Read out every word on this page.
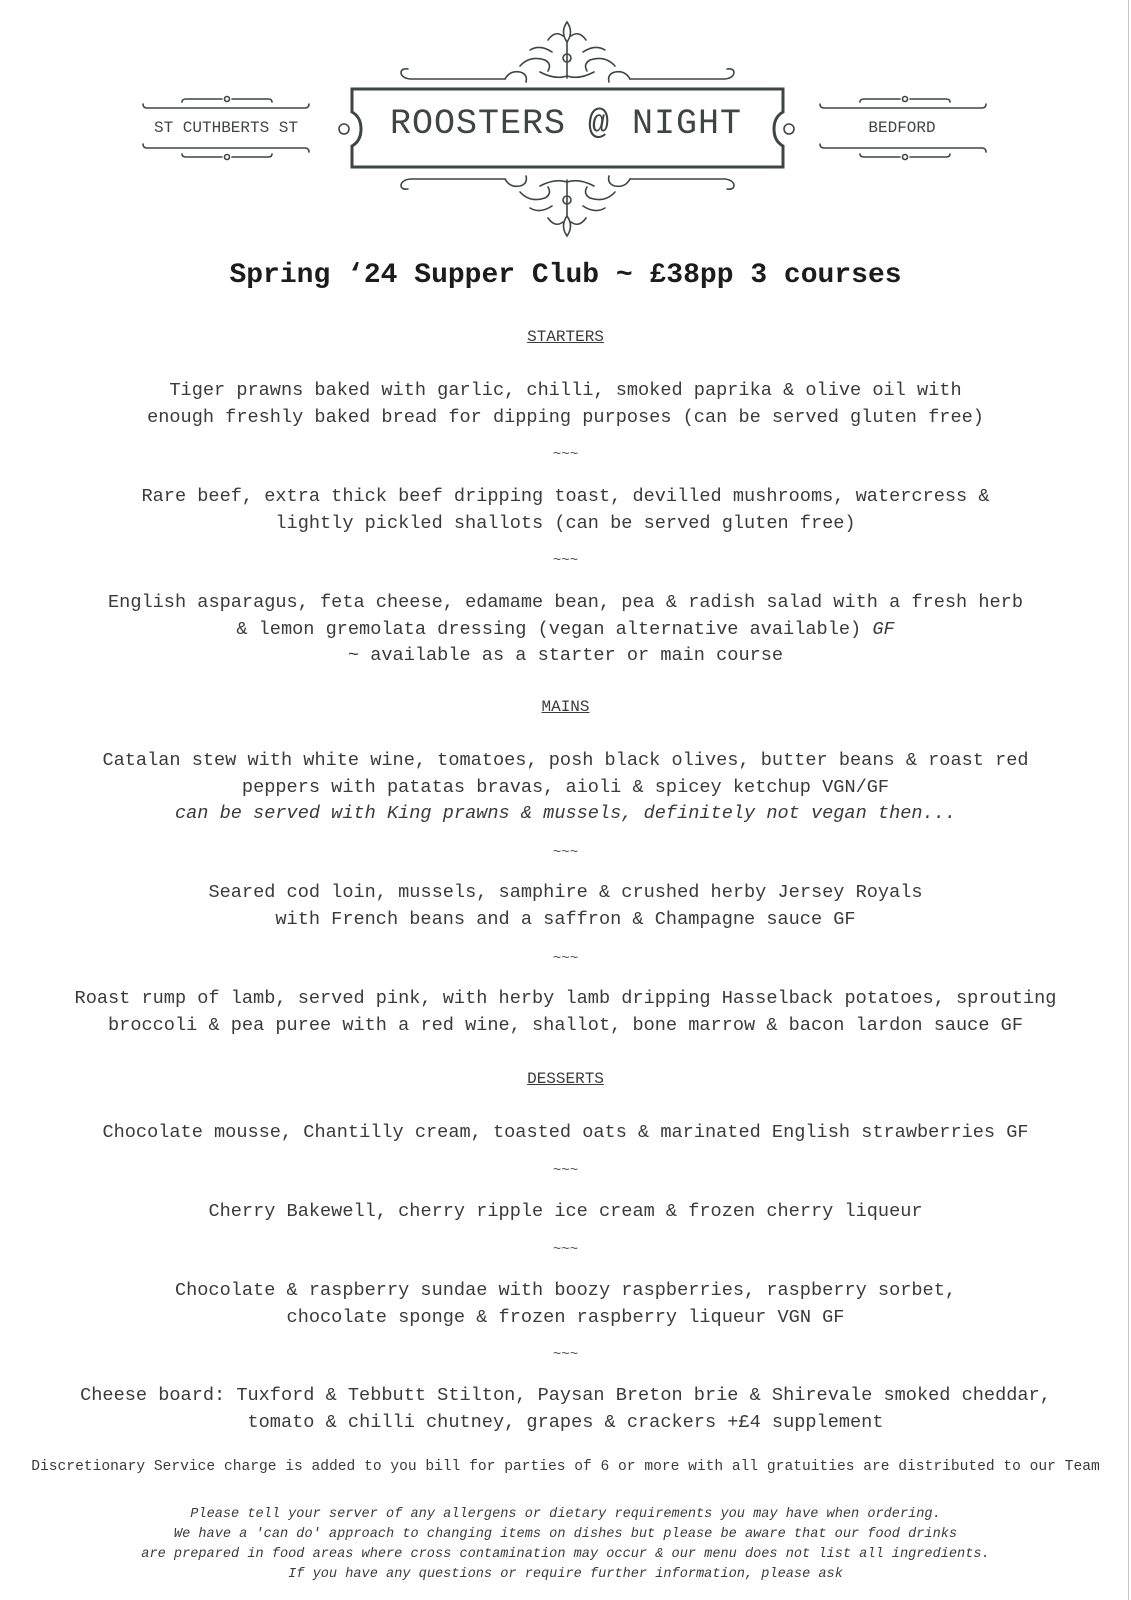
ST CUTHBERTS ST	ROOSTERS @ NIGHT	BEDFORD
Spring ‘24 Supper Club ~ £38pp 3 courses
STARTERS

Tiger prawns baked with garlic, chilli, smoked paprika & olive oil with

enough freshly baked bread for dipping purposes (can be served gluten free)

~~~

Rare beef, extra thick beef dripping toast, devilled mushrooms, watercress &

lightly pickled shallots (can be served gluten free)

~~~

English asparagus, feta cheese, edamame bean, pea & radish salad with a fresh herb

& lemon gremolata dressing (vegan alternative available) GF

~ available as a starter or main course

MAINS

Catalan stew with white wine, tomatoes, posh black olives, butter beans & roast red

peppers with patatas bravas, aioli & spicey ketchup VGN/GF

can be served with King prawns & mussels, definitely not vegan then...

~~~

Seared cod loin, mussels, samphire & crushed herby Jersey Royals

with French beans and a saffron & Champagne sauce GF

~~~

Roast rump of lamb, served pink, with herby lamb dripping Hasselback potatoes, sprouting

broccoli & pea puree with a red wine, shallot, bone marrow & bacon lardon sauce GF

DESSERTS

Chocolate mousse, Chantilly cream, toasted oats & marinated English strawberries GF

~~~

Cherry Bakewell, cherry ripple ice cream & frozen cherry liqueur

~~~

Chocolate & raspberry sundae with boozy raspberries, raspberry sorbet,

chocolate sponge & frozen raspberry liqueur VGN GF

~~~

Cheese board: Tuxford & Tebbutt Stilton, Paysan Breton brie & Shirevale smoked cheddar,

tomato & chilli chutney, grapes & crackers +£4 supplement

Discretionary Service charge is added to you bill for parties of 6 or more with all gratuities are distributed to our Team

Please tell your server of any allergens or dietary requirements you may have when ordering.

We have a 'can do' approach to changing items on dishes but please be aware that our food drinks

are prepared in food areas where cross contamination may occur & our menu does not list all ingredients.

If you have any questions or require further information, please ask
